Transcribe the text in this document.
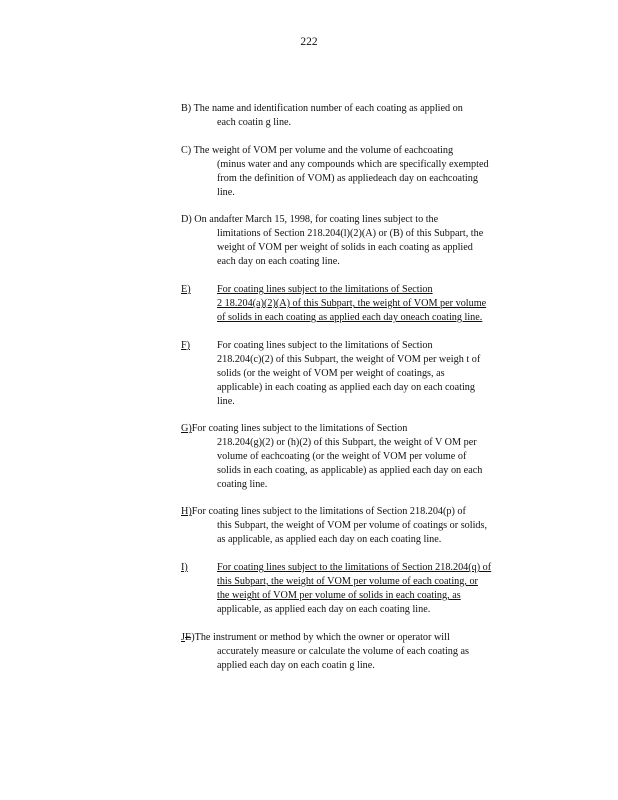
222
B) The name and identification number of each coating as applied on
each coatin g line.
C) The weight of VOM per volume and the volume of eachcoating
(minus water and any compounds which are specifically exempted
from the definition of VOM) as appliedeach day on eachcoating
line.
D) On andafter March 15, 1998, for coating lines subject to the
limitations of Section 218.204(l)(2)(A) or (B) of this Subpart, the
weight of VOM per weight of solids in each coating as applied
each day on each coating line.
E)	For coating lines subject to the limitations of Section
2 18.204(a)(2)(A) of this Subpart, the weight of VOM per volume
of solids in each coating as applied each day oneach coating line.
F)	For coating lines subject to the limitations of Section
218.204(c)(2) of this Subpart, the weight of VOM per weigh t of
solids (or the weight of VOM per weight of coatings, as
applicable) in each coating as applied each day on each coating
line.
G)For coating lines subject to the limitations of Section
218.204(g)(2) or (h)(2) of this Subpart, the weight of V OM per
volume of eachcoating (or the weight of VOM per volume of
solids in each coating, as applicable) as applied each day on each
coating line.
H)For coating lines subject to the limitations of Section 218.204(p) of
this Subpart, the weight of VOM per volume of coatings or solids,
as applicable, as applied each day on each coating line.
I)	For coating lines subject to the limitations of Section 218.204(q) of
this Subpart, the weight of VOM per volume of each coating, or
the weight of VOM per volume of solids in each coating, as
applicable, as applied each day on each coating line.
JE)The instrument or method by which the owner or operator will
accurately measure or calculate the volume of each coating as
applied each day on each coatin g line.
